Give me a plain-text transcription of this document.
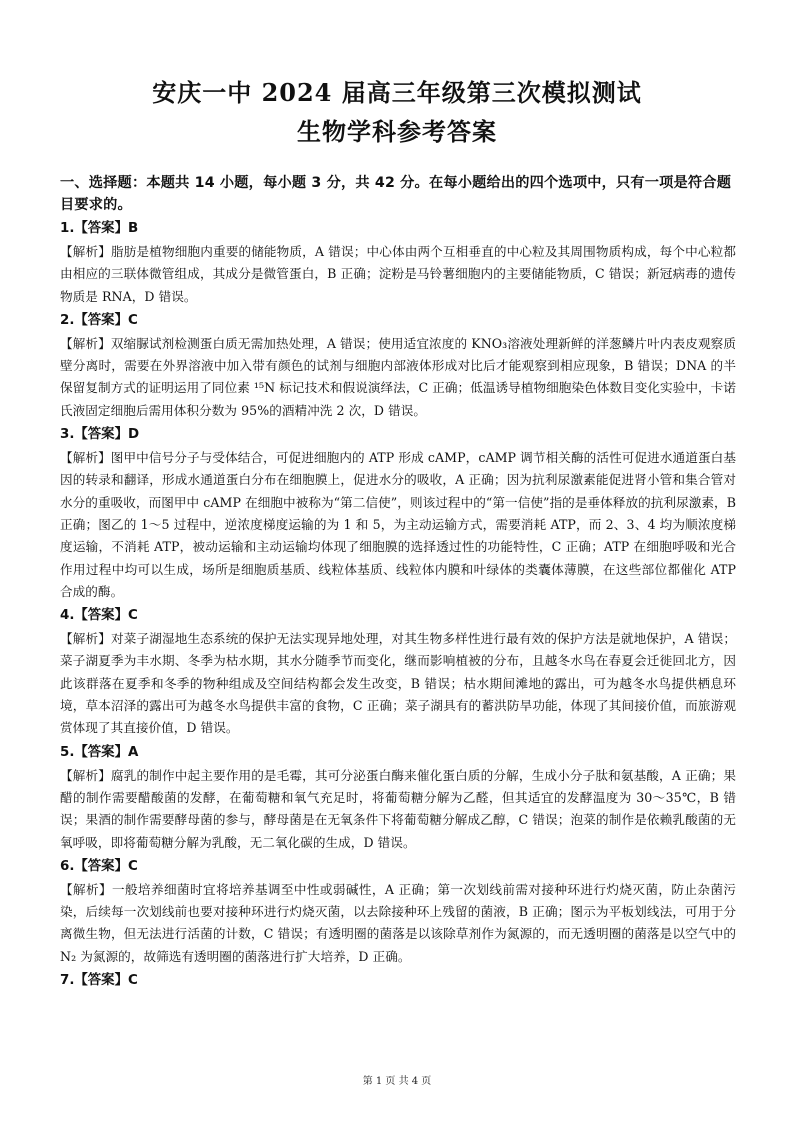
安庆一中 2024 届高三年级第三次模拟测试
生物学科参考答案
一、选择题：本题共 14 小题，每小题 3 分，共 42 分。在每小题给出的四个选项中，只有一项是符合题目要求的。
1.【答案】B
【解析】脂肪是植物细胞内重要的储能物质，A 错误；中心体由两个互相垂直的中心粒及其周围物质构成，每个中心粒都由相应的三联体微管组成，其成分是微管蛋白，B 正确；淀粉是马铃薯细胞内的主要储能物质，C 错误；新冠病毒的遗传物质是 RNA，D 错误。
2.【答案】C
【解析】双缩脲试剂检测蛋白质无需加热处理，A 错误；使用适宜浓度的 KNO₃溶液处理新鲜的洋葱鳞片叶内表皮观察质壁分离时，需要在外界溶液中加入带有颜色的试剂与细胞内部液体形成对比后才能观察到相应现象，B 错误；DNA 的半保留复制方式的证明运用了同位素 ¹⁵N 标记技术和假说演绎法，C 正确；低温诱导植物细胞染色体数目变化实验中，卡诺氏液固定细胞后需用体积分数为 95%的酒精冲洗 2 次，D 错误。
3.【答案】D
【解析】图甲中信号分子与受体结合，可促进细胞内的 ATP 形成 cAMP，cAMP 调节相关酶的活性可促进水通道蛋白基因的转录和翻译，形成水通道蛋白分布在细胞膜上，促进水分的吸收，A 正确；因为抗利尿激素能促进肾小管和集合管对水分的重吸收，而图甲中 cAMP 在细胞中被称为“第二信使”，则该过程中的“第一信使”指的是垂体释放的抗利尿激素，B 正确；图乙的 1～5 过程中，逆浓度梯度运输的为 1 和 5，为主动运输方式，需要消耗 ATP，而 2、3、4 均为顺浓度梯度运输，不消耗 ATP，被动运输和主动运输均体现了细胞膜的选择透过性的功能特性，C 正确；ATP 在细胞呼吸和光合作用过程中均可以生成，场所是细胞质基质、线粒体基质、线粒体内膜和叶绿体的类囊体薄膜，在这些部位都催化 ATP 合成的酶。
4.【答案】C
【解析】对菜子湖湿地生态系统的保护无法实现异地处理，对其生物多样性进行最有效的保护方法是就地保护，A 错误；菜子湖夏季为丰水期、冬季为枯水期，其水分随季节而变化，继而影响植被的分布，且越冬水鸟在春夏会迁徙回北方，因此该群落在夏季和冬季的物种组成及空间结构都会发生改变，B 错误；枯水期间滩地的露出，可为越冬水鸟提供栖息环境，草本沼泽的露出可为越冬水鸟提供丰富的食物，C 正确；菜子湖具有的蓄洪防旱功能，体现了其间接价值，而旅游观赏体现了其直接价值，D 错误。
5.【答案】A
【解析】腐乳的制作中起主要作用的是毛霉，其可分泌蛋白酶来催化蛋白质的分解，生成小分子肽和氨基酸，A 正确；果醋的制作需要醋酸菌的发酵，在葡萄糖和氧气充足时，将葡萄糖分解为乙醛，但其适宜的发酵温度为 30～35℃，B 错误；果酒的制作需要酵母菌的参与，酵母菌是在无氧条件下将葡萄糖分解成乙醇，C 错误；泡菜的制作是依赖乳酸菌的无氧呼吸，即将葡萄糖分解为乳酸，无二氧化碳的生成，D 错误。
6.【答案】C
【解析】一般培养细菌时宜将培养基调至中性或弱碱性，A 正确；第一次划线前需对接种环进行灼烧灭菌，防止杂菌污染，后续每一次划线前也要对接种环进行灼烧灭菌，以去除接种环上残留的菌液，B 正确；图示为平板划线法，可用于分离微生物，但无法进行活菌的计数，C 错误；有透明圈的菌落是以该除草剂作为氮源的，而无透明圈的菌落是以空气中的 N₂ 为氮源的，故筛选有透明圈的菌落进行扩大培养，D 正确。
7.【答案】C
第 1 页 共 4 页
